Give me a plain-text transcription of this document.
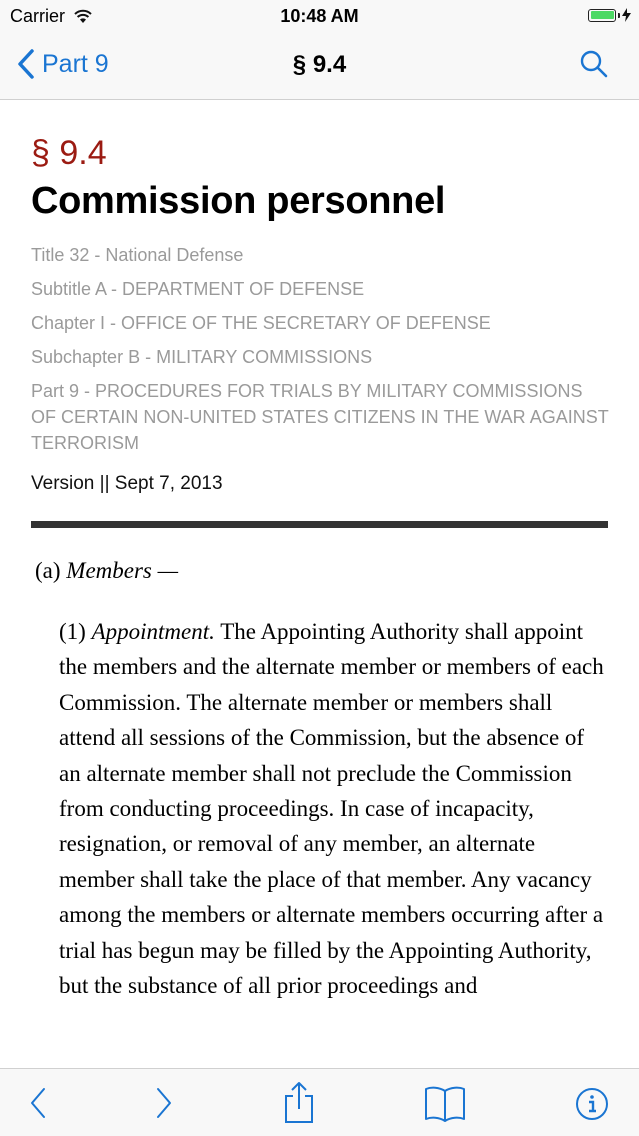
Carrier	10:48 AM
Part 9	§ 9.4
§ 9.4
Commission personnel
Title 32 - National Defense
Subtitle A - DEPARTMENT OF DEFENSE
Chapter I - OFFICE OF THE SECRETARY OF DEFENSE
Subchapter B - MILITARY COMMISSIONS
Part 9 - PROCEDURES FOR TRIALS BY MILITARY COMMISSIONS OF CERTAIN NON-UNITED STATES CITIZENS IN THE WAR AGAINST TERRORISM
Version || Sept 7, 2013
(a) Members —
(1) Appointment. The Appointing Authority shall appoint the members and the alternate member or members of each Commission. The alternate member or members shall attend all sessions of the Commission, but the absence of an alternate member shall not preclude the Commission from conducting proceedings. In case of incapacity, resignation, or removal of any member, an alternate member shall take the place of that member. Any vacancy among the members or alternate members occurring after a trial has begun may be filled by the Appointing Authority, but the substance of all prior proceedings and
